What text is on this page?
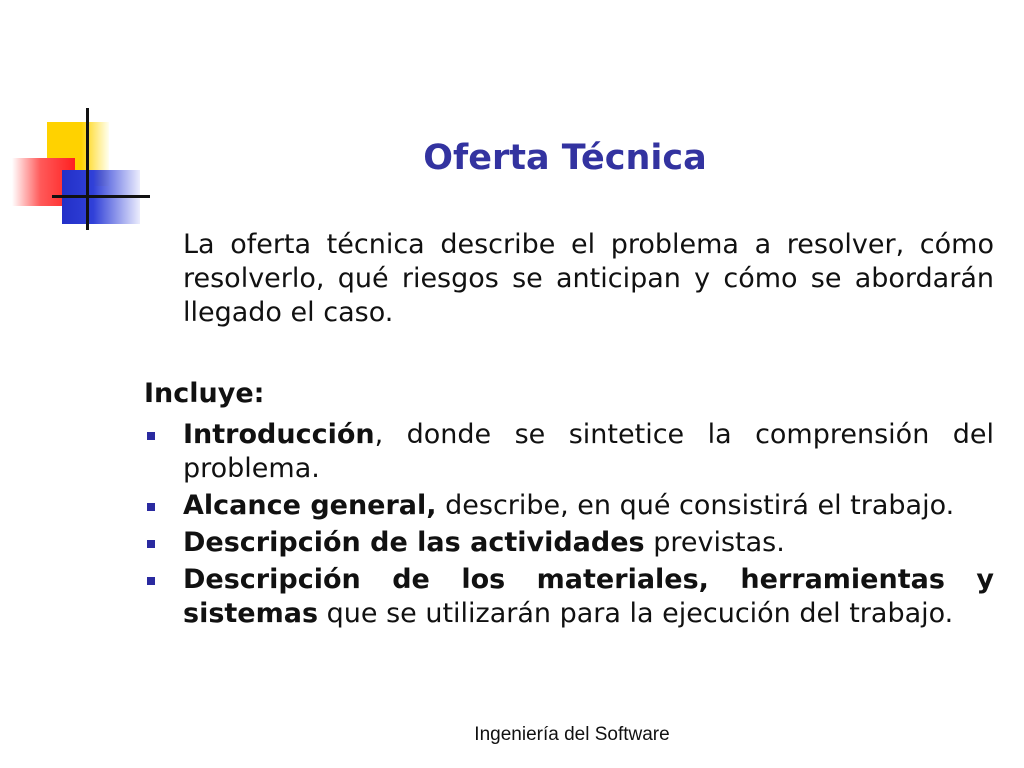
Oferta Técnica

La oferta técnica describe el problema a resolver, cómo resolverlo, qué riesgos se anticipan y cómo se abordarán llegado el caso.

Incluye:

Introducción, donde se sintetice la comprensión del problema.
Alcance general, describe, en qué consistirá el trabajo.
Descripción de las actividades previstas.
Descripción de los materiales, herramientas y sistemas que se utilizarán para la ejecución del trabajo.
Ingeniería del Software
